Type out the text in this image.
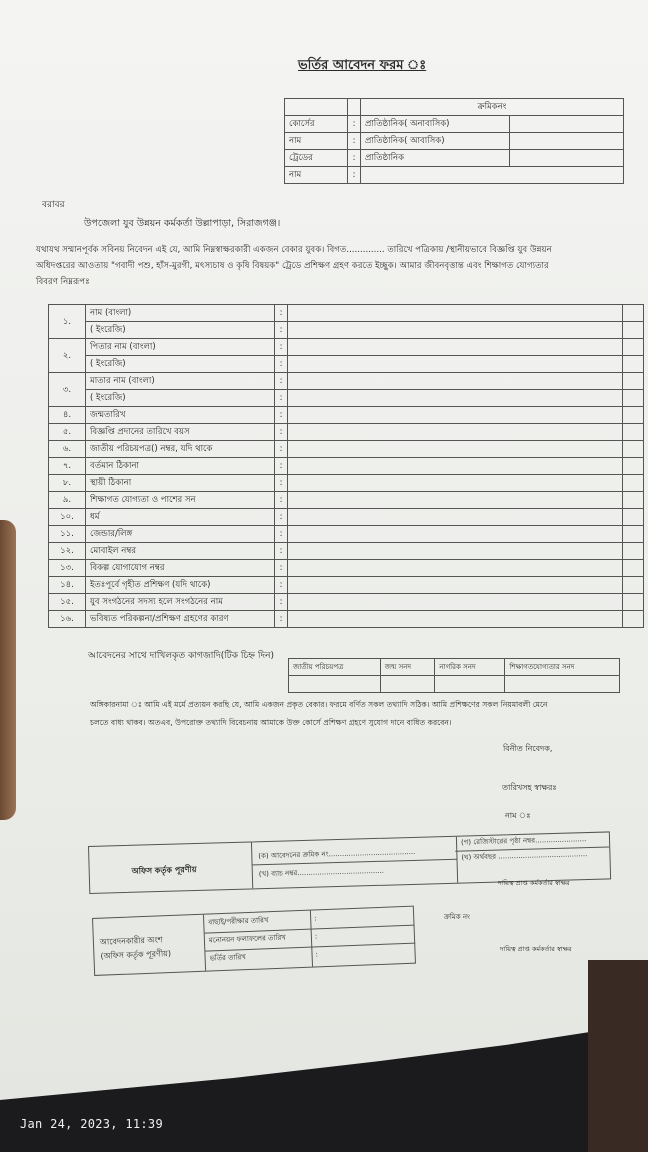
ভর্তির আবেদন ফরম ঃ
		ক্রমিকনং	
কোর্সের	:	প্রাতিষ্ঠানিক( অনাবাসিক)	
নাম	:	প্রাতিষ্ঠানিক( আবাসিক)	
ট্রেডের	:	প্রাতিষ্ঠানিক	
নাম	:		
বরাবর
উপজেলা যুব উন্নয়ন কর্মকর্তা উল্লাপাড়া, সিরাজগঞ্জ।
যথাযথ সম্মানপূর্বক সবিনয় নিবেদন এই যে, আমি নিম্নস্বাক্ষরকারী একজন বেকার যুবক। বিগত.............. তারিখে পত্রিকায় /স্থানীয়ভাবে বিজ্ঞপ্তি যুব উন্নয়ন
অধিদপ্তরের আওতায় "গবাদী পশু, হাঁস-মুরগী, মৎস্যচাষ ও কৃষি বিষয়ক" ট্রেডে প্রশিক্ষণ গ্রহণ করতে ইচ্ছুক। আমার জীবনবৃত্তান্ত এবং শিক্ষাগত যোগ্যতার
বিবরণ নিম্নরূপঃ
১.	নাম (বাংলা)	:		
	( ইংরেজি)	:		
২.	পিতার নাম (বাংলা)	:		
	( ইংরেজি)	:		
৩.	মাতার নাম (বাংলা)	:		
	( ইংরেজি)	:		
৪.	জন্মতারিখ	:		
৫.	বিজ্ঞপ্তি প্রদানের তারিখে বয়স	:		
৬.	জাতীয় পরিচয়পত্র() নম্বর, যদি থাকে	:		
৭.	বর্তমান ঠিকানা	:		
৮.	স্থায়ী ঠিকানা	:		
৯.	শিক্ষাগত যোগ্যতা ও পাশের সন	:		
১০.	ধর্ম	:		
১১.	জেন্ডার/লিঙ্গ	:		
১২.	মোবাইল নম্বর	:		
১৩.	বিকল্প যোগাযোগ নম্বর	:		
১৪.	ইতঃপূর্বে গৃহীত প্রশিক্ষণ (যদি থাকে)	:		
১৫.	যুব সংগঠনের সদস্য হলে সংগঠনের নাম	:		
১৬.	ভবিষ্যত পরিকল্পনা/প্রশিক্ষণ গ্রহণের কারণ	:		
আবেদনের সাথে দাখিলকৃত কাগজাদি(টিক চিহ্ন দিন)
জাতীয় পরিচয়পত্র	জন্ম সনদ	নাগরিক সনদ	শিক্ষাগতযোগ্যতার সনদ

অঙ্গিকারনামা ঃ আমি এই মর্মে প্রত্যয়ন করছি যে, আমি একজন প্রকৃত বেকার। ফরমে বর্ণিত সকল তথ্যাদি সঠিক। আমি প্রশিক্ষণের সকল নিয়মাবলী মেনে
চলতে বাধ্য থাকব। অতএব, উপরোক্ত তথ্যাদি বিবেচনায় আমাকে উক্ত কোর্সে প্রশিক্ষণ গ্রহণে সুযোগ দানে বাধিত করবেন।
বিনীত নিবেদক,
তারিখসহ স্বাক্ষরঃ
নাম ঃ
অফিস কর্তৃক পূরণীয়
(ক) আবেদনের ক্রমিক নং.......................................
(খ) ব্যাচ নম্বর.......................................
(গ) রেজিস্টারের পৃষ্ঠা নম্বর.......................
(ঘ) অর্থবছর ........................................
দায়িত্ব প্রাপ্ত কর্মকর্তার স্বাক্ষর
আবেদনকারীর অংশ
(অফিস কর্তৃক পূরণীয়)
বাছাই/পরীক্ষার তারিখ	:
মনোনয়ন ফলাফলের তারিখ	:
ভর্তির তারিখ	:
ক্রমিক নং
দায়িত্ব প্রাপ্ত কর্মকর্তার স্বাক্ষর
Jan 24, 2023, 11:39
